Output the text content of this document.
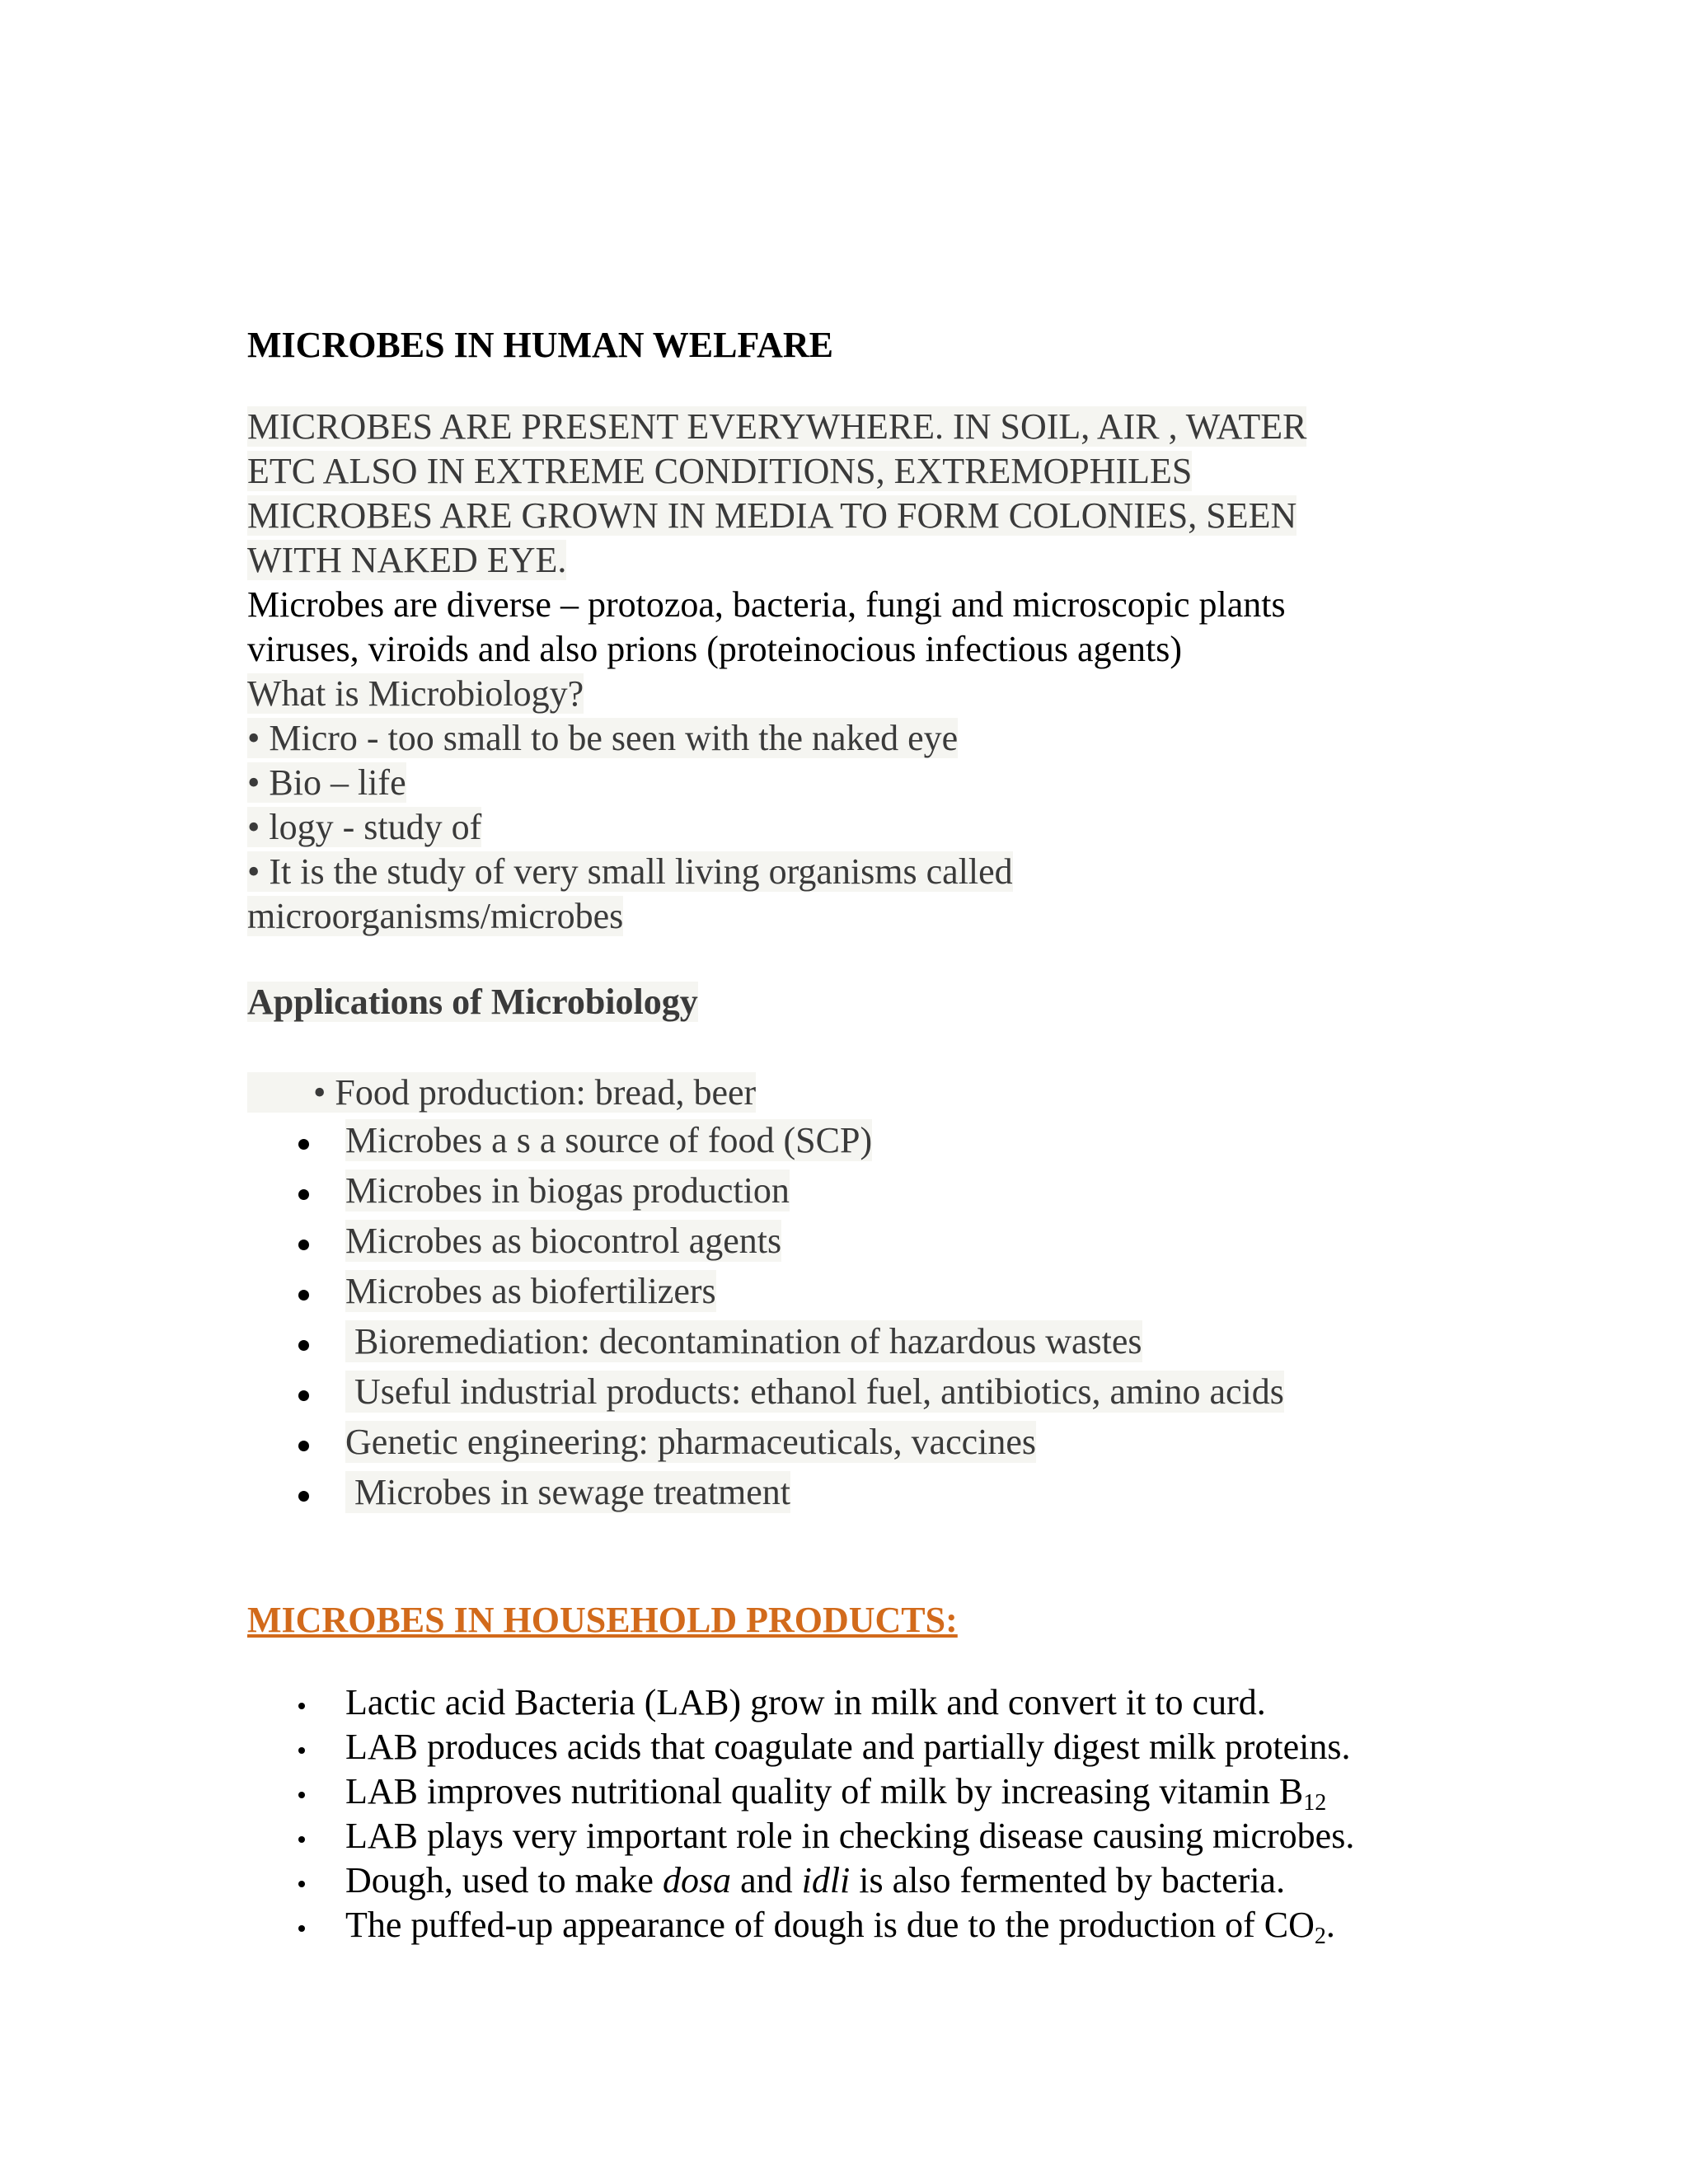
MICROBES IN HUMAN WELFARE
MICROBES ARE PRESENT EVERYWHERE. IN SOIL, AIR , WATER
ETC ALSO IN EXTREME CONDITIONS, EXTREMOPHILES
MICROBES ARE GROWN IN MEDIA TO FORM COLONIES, SEEN
WITH NAKED EYE.
Microbes are diverse – protozoa, bacteria, fungi and microscopic plants
viruses, viroids and also prions (proteinocious infectious agents)
What is Microbiology?
• Micro - too small to be seen with the naked eye
• Bio – life
• logy - study of
• It is the study of very small living organisms called
microorganisms/microbes
Applications of Microbiology
• Food production: bread, beer
Microbes a s a source of food (SCP)
Microbes in biogas production
Microbes as biocontrol agents
Microbes as biofertilizers
Bioremediation: decontamination of hazardous wastes
Useful industrial products: ethanol fuel, antibiotics, amino acids
Genetic engineering: pharmaceuticals, vaccines
Microbes in sewage treatment
MICROBES IN HOUSEHOLD PRODUCTS:
Lactic acid Bacteria (LAB) grow in milk and convert it to curd.
LAB produces acids that coagulate and partially digest milk proteins.
LAB improves nutritional quality of milk by increasing vitamin $B_{12}$
LAB plays very important role in checking disease causing microbes.
Dough, used to make dosa and idli is also fermented by bacteria.
The puffed-up appearance of dough is due to the production of $CO_2$.
